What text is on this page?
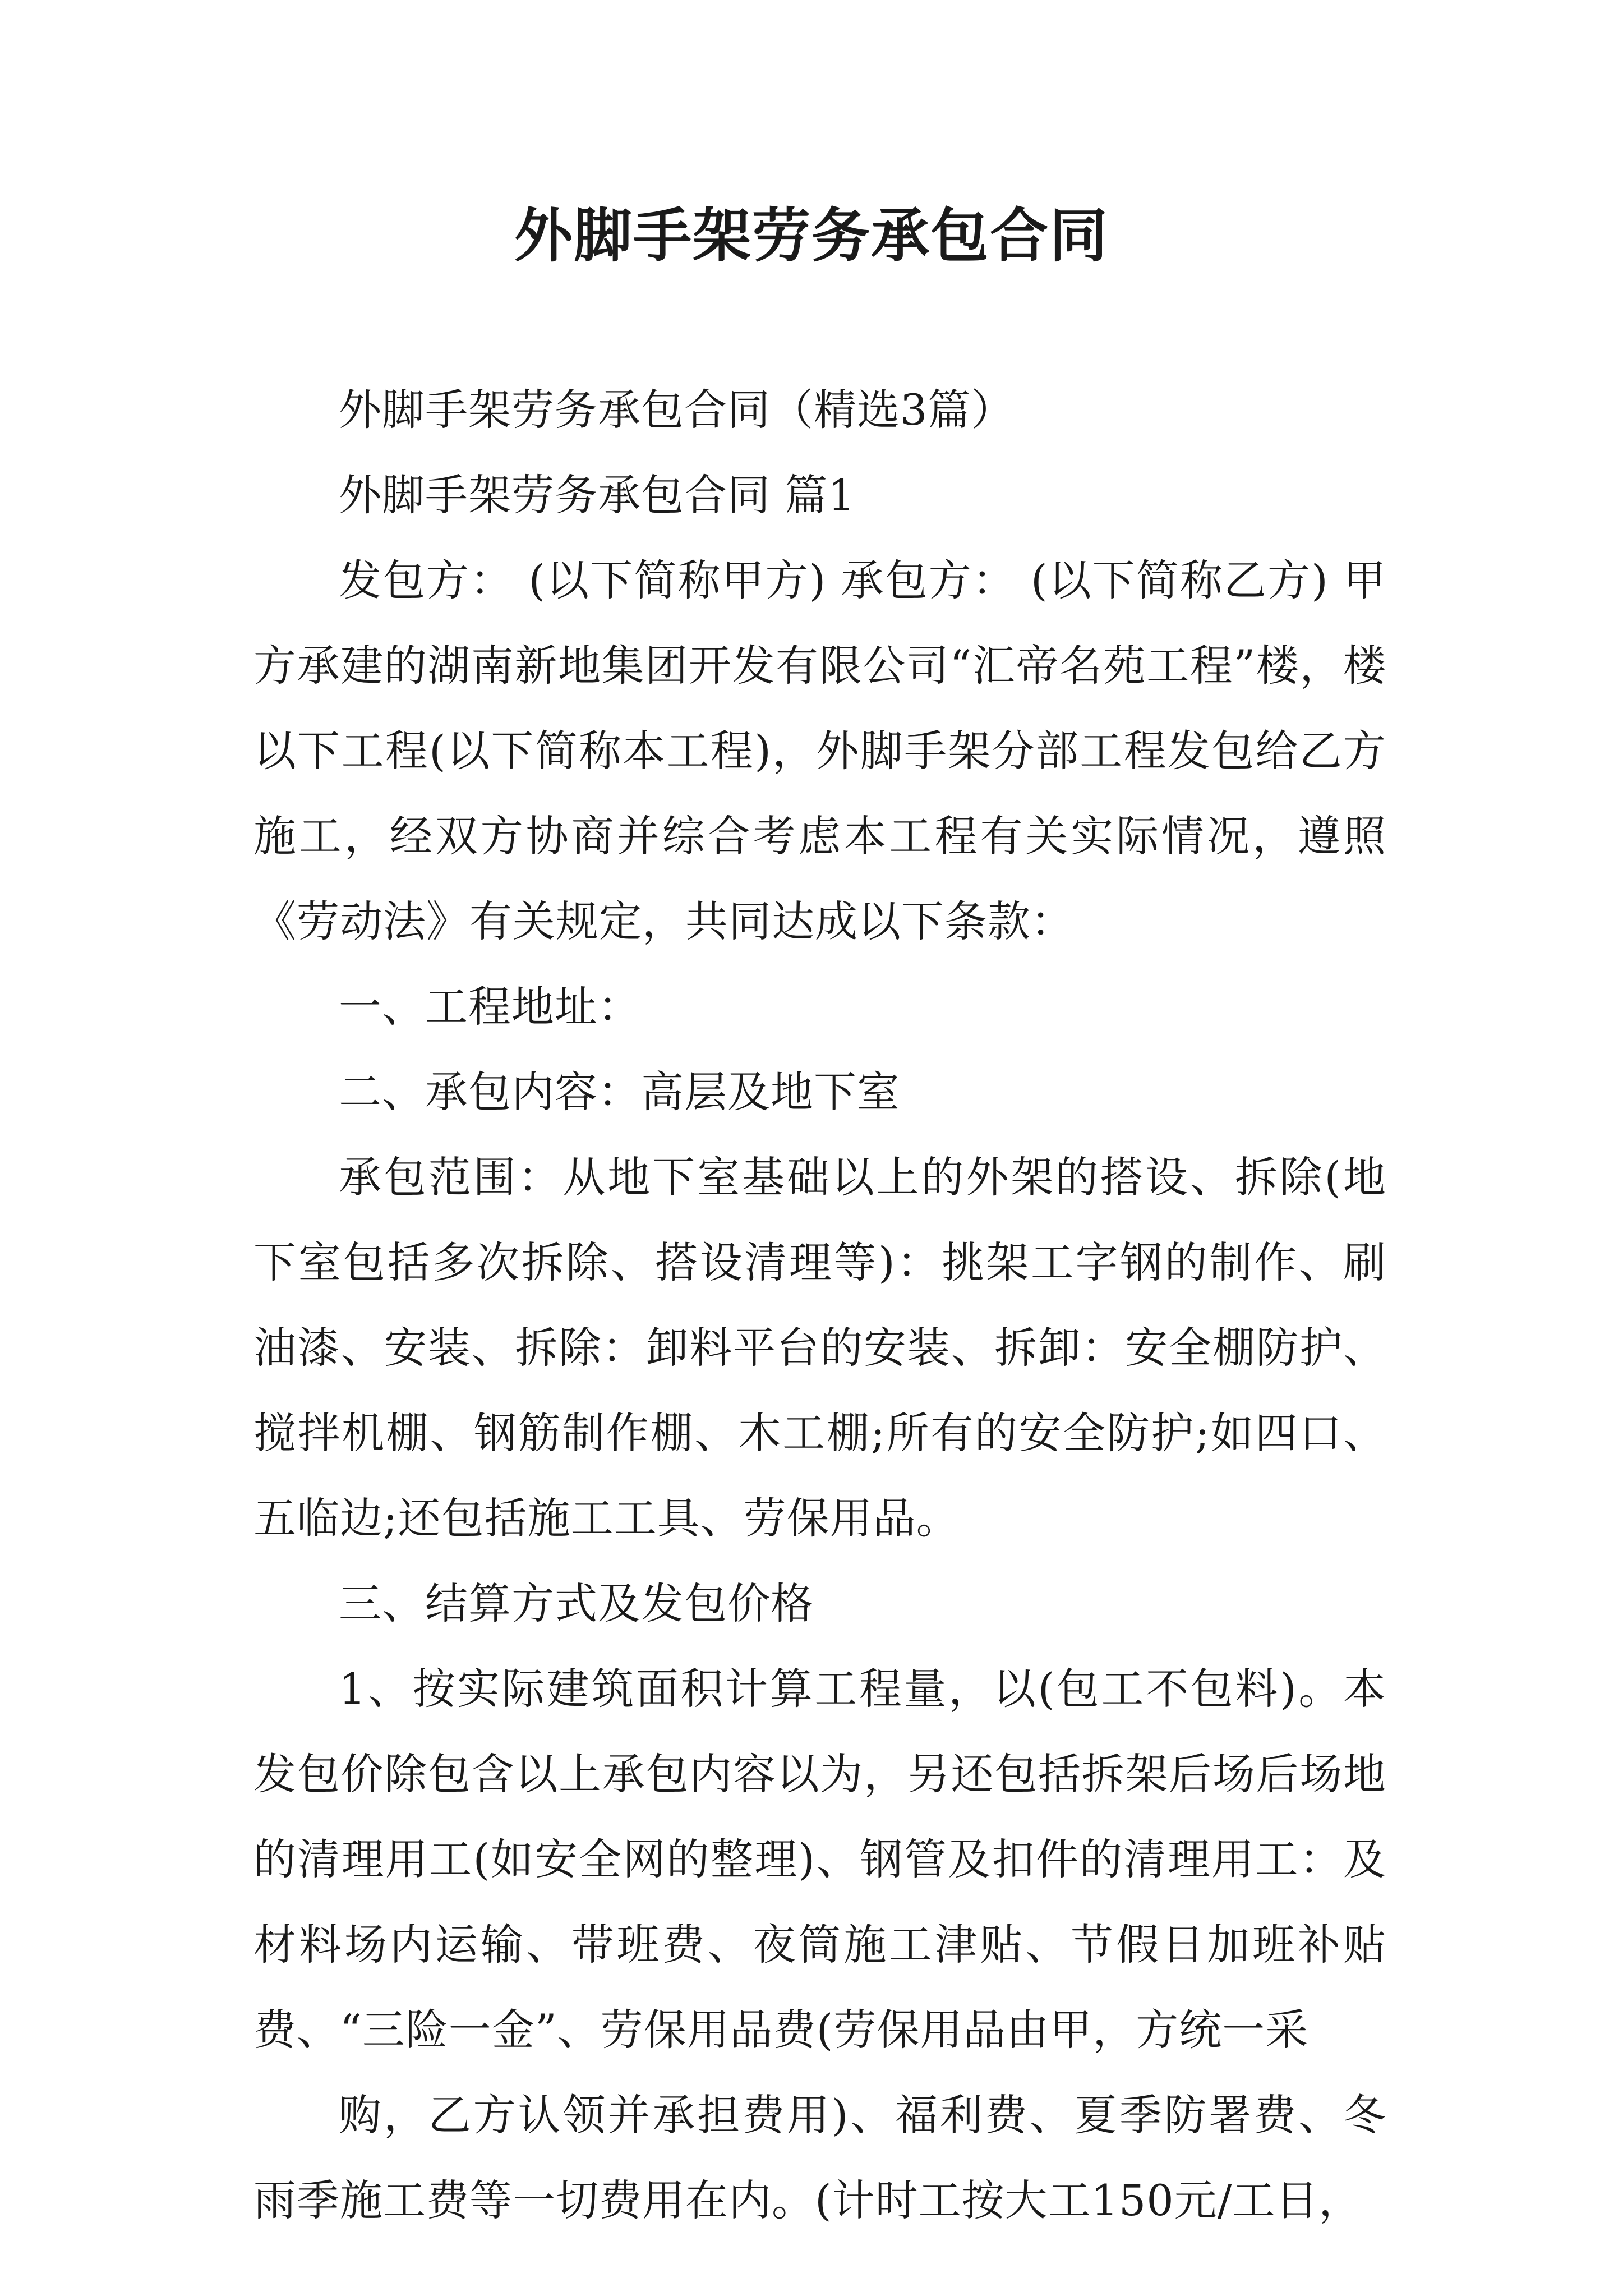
外脚手架劳务承包合同

外脚手架劳务承包合同（精选3篇）

外脚手架劳务承包合同 篇1

发包方： (以下简称甲方) 承包方： (以下简称乙方) 甲方承建的湖南新地集团开发有限公司“汇帝名苑工程”楼，楼以下工程(以下简称本工程)，外脚手架分部工程发包给乙方施工，经双方协商并综合考虑本工程有关实际情况，遵照《劳动法》有关规定，共同达成以下条款：

一、工程地址：

二、承包内容：高层及地下室

承包范围：从地下室基础以上的外架的搭设、拆除(地下室包括多次拆除、搭设清理等)：挑架工字钢的制作、刷油漆、安装、拆除：卸料平台的安装、拆卸：安全棚防护、搅拌机棚、钢筋制作棚、木工棚;所有的安全防护;如四口、五临边;还包括施工工具、劳保用品。

三、结算方式及发包价格

1、按实际建筑面积计算工程量，以(包工不包料)。本发包价除包含以上承包内容以为，另还包括拆架后场后场地的清理用工(如安全网的整理)、钢管及扣件的清理用工：及材料场内运输、带班费、夜筒施工津贴、节假日加班补贴费、“三险一金”、劳保用品费(劳保用品由甲，方统一采

购，乙方认领并承担费用)、福利费、夏季防署费、冬雨季施工费等一切费用在内。(计时工按大工150元/工日，
